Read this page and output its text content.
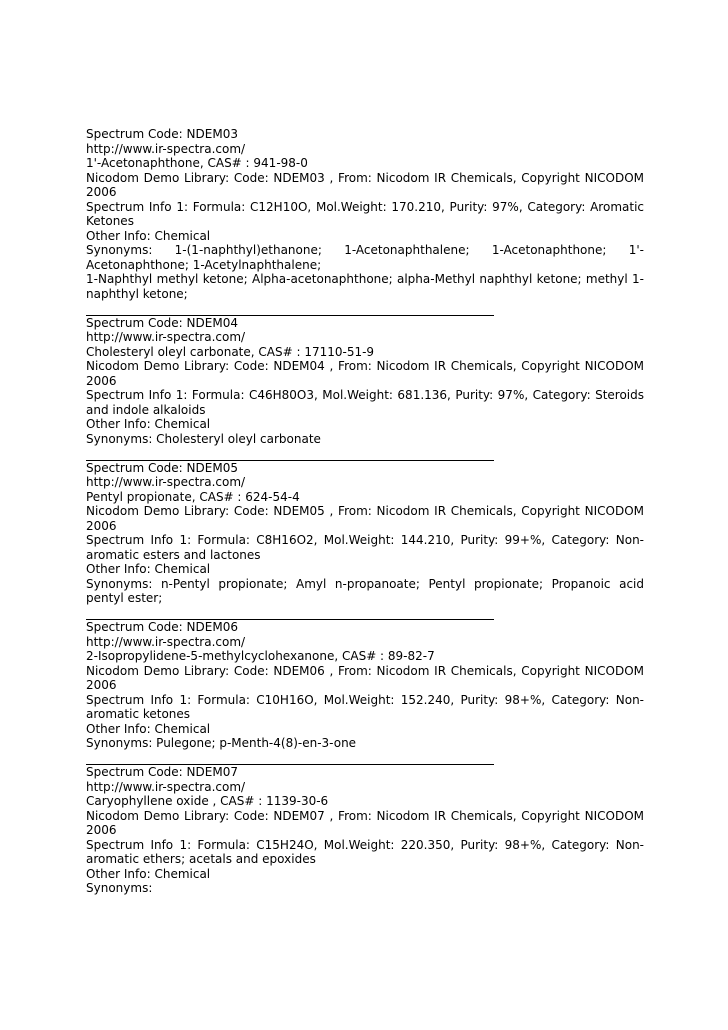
Spectrum Code: NDEM03
http://www.ir-spectra.com/
1'-Acetonaphthone, CAS# : 941-98-0
Nicodom Demo Library: Code: NDEM03 , From: Nicodom IR Chemicals, Copyright NICODOM 2006
Spectrum Info 1: Formula: C12H10O, Mol.Weight: 170.210, Purity: 97%, Category: Aromatic Ketones
Other Info: Chemical
Synonyms: 1-(1-naphthyl)ethanone; 1-Acetonaphthalene; 1-Acetonaphthone; 1'-Acetonaphthone; 1-Acetylnaphthalene;
1-Naphthyl methyl ketone; Alpha-acetonaphthone; alpha-Methyl naphthyl ketone; methyl 1-naphthyl ketone;
Spectrum Code: NDEM04
http://www.ir-spectra.com/
Cholesteryl oleyl carbonate, CAS# : 17110-51-9
Nicodom Demo Library: Code: NDEM04 , From: Nicodom IR Chemicals, Copyright NICODOM 2006
Spectrum Info 1: Formula: C46H80O3, Mol.Weight: 681.136, Purity: 97%, Category: Steroids and indole alkaloids
Other Info: Chemical
Synonyms: Cholesteryl oleyl carbonate
Spectrum Code: NDEM05
http://www.ir-spectra.com/
Pentyl propionate, CAS# : 624-54-4
Nicodom Demo Library: Code: NDEM05 , From: Nicodom IR Chemicals, Copyright NICODOM 2006
Spectrum Info 1: Formula: C8H16O2, Mol.Weight: 144.210, Purity: 99+%, Category: Non-aromatic esters and lactones
Other Info: Chemical
Synonyms: n-Pentyl propionate; Amyl n-propanoate; Pentyl propionate; Propanoic acid pentyl ester;
Spectrum Code: NDEM06
http://www.ir-spectra.com/
2-Isopropylidene-5-methylcyclohexanone, CAS# : 89-82-7
Nicodom Demo Library: Code: NDEM06 , From: Nicodom IR Chemicals, Copyright NICODOM 2006
Spectrum Info 1: Formula: C10H16O, Mol.Weight: 152.240, Purity: 98+%, Category: Non-aromatic ketones
Other Info: Chemical
Synonyms: Pulegone; p-Menth-4(8)-en-3-one
Spectrum Code: NDEM07
http://www.ir-spectra.com/
Caryophyllene oxide , CAS# : 1139-30-6
Nicodom Demo Library: Code: NDEM07 , From: Nicodom IR Chemicals, Copyright NICODOM 2006
Spectrum Info 1: Formula: C15H24O, Mol.Weight: 220.350, Purity: 98+%, Category: Non-aromatic ethers; acetals and epoxides
Other Info: Chemical
Synonyms:
